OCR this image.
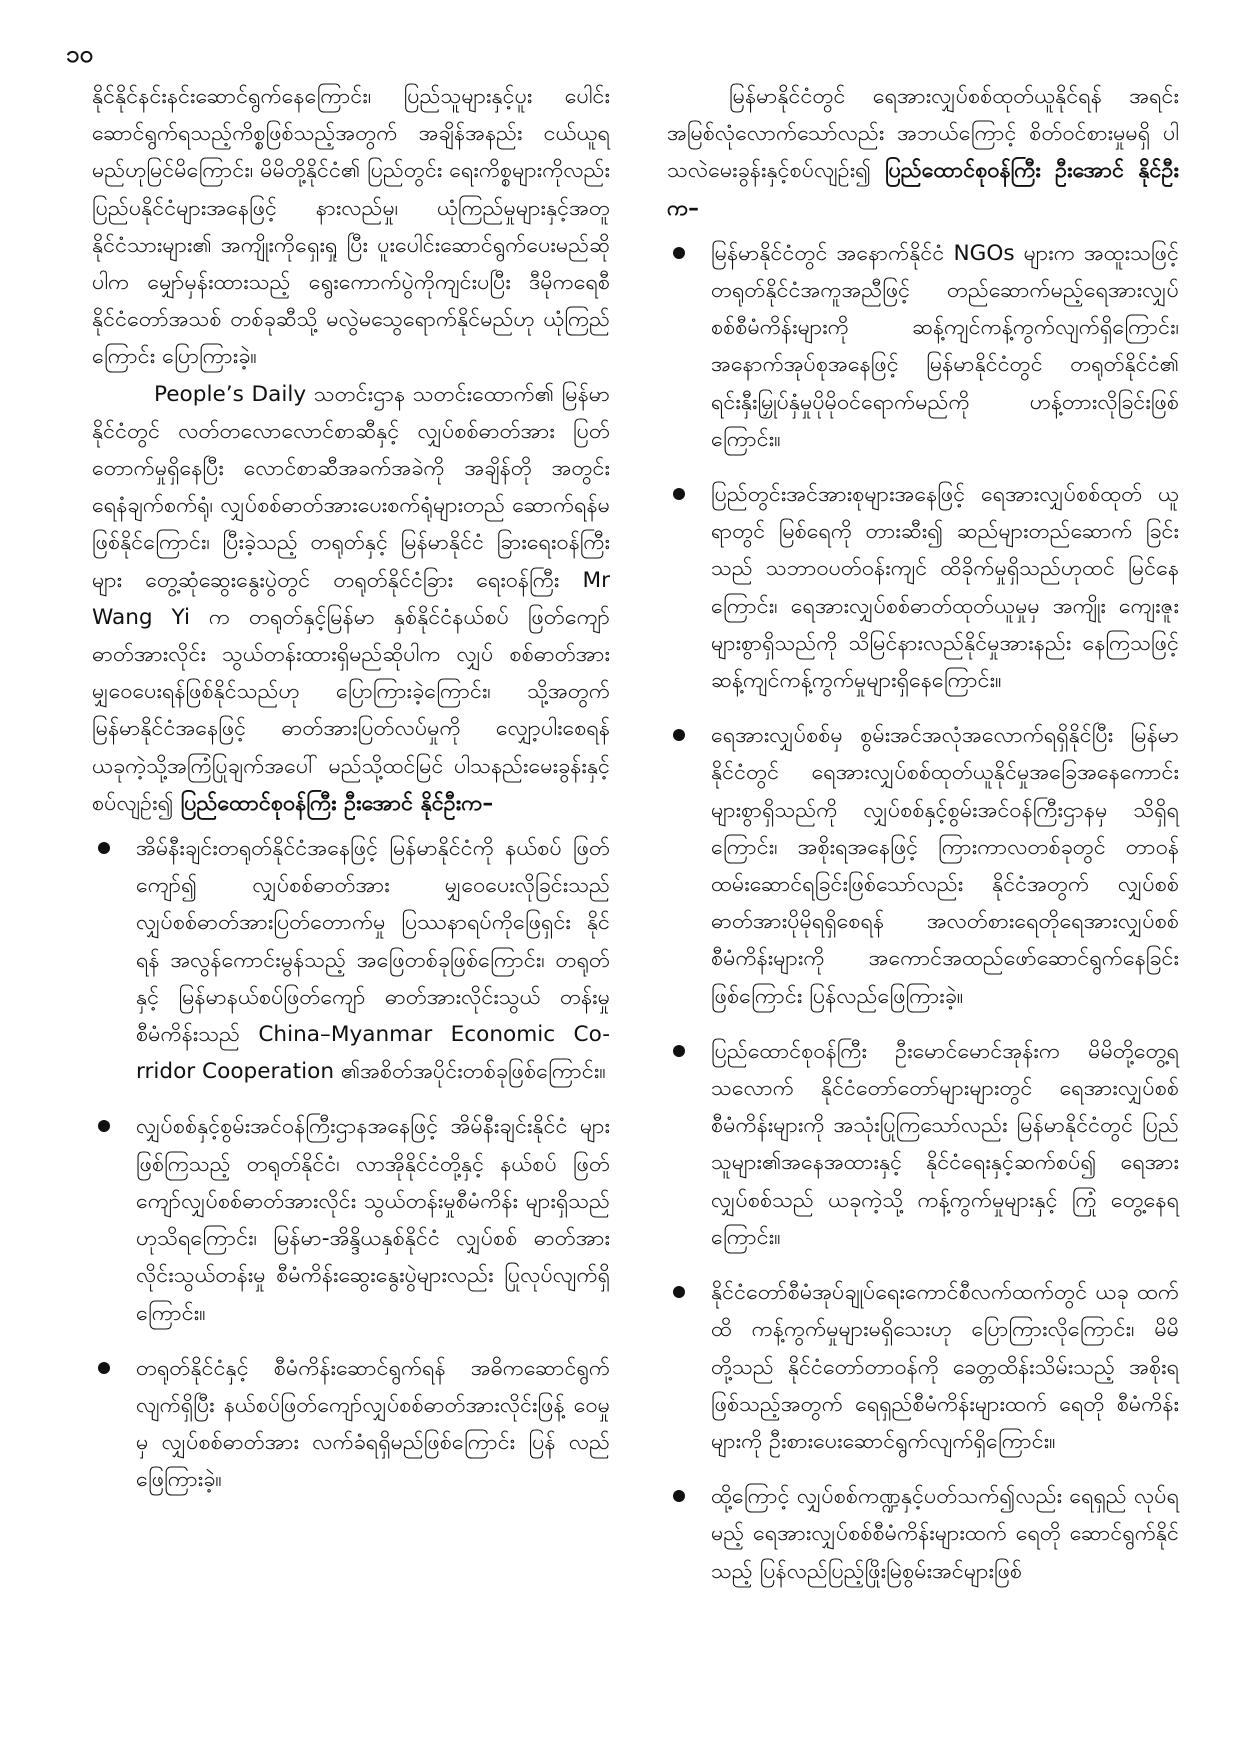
၁၀

နိုင်နိုင်နင်းနင်းဆောင်ရွက်နေကြောင်း၊ ပြည်သူများနှင့်ပူး ပေါင်းဆောင်ရွက်ရသည့်ကိစ္စဖြစ်သည့်အတွက် အချိန်အနည်း ငယ်ယူရမည်ဟုမြင်မိကြောင်း၊ မိမိတို့နိုင်ငံ၏ ပြည်တွင်း ရေးကိစ္စများကိုလည်း ပြည်ပနိုင်ငံများအနေဖြင့် နားလည်မှု၊ ယုံကြည်မှုများနှင့်အတူ နိုင်ငံသားများ၏ အကျိုးကိုရှေးရှု ပြီး ပူးပေါင်းဆောင်ရွက်ပေးမည်ဆိုပါက မျှော်မှန်းထားသည့် ရွေးကောက်ပွဲကိုကျင်းပပြီး ဒီမိုကရေစီနိုင်ငံတော်အသစ် တစ်ခုဆီသို့ မလွဲမသွေရောက်နိုင်မည်ဟု ယုံကြည်ကြောင်း ပြောကြားခဲ့။

People’s Daily သတင်းဌာန သတင်းထောက်၏ မြန်မာ နိုင်ငံတွင် လတ်တလောလောင်စာဆီနှင့် လျှပ်စစ်ဓာတ်အား ပြတ်တောက်မှုရှိနေပြီး လောင်စာဆီအခက်အခဲကို အချိန်တို အတွင်း ရေနံချက်စက်ရုံ၊ လျှပ်စစ်ဓာတ်အားပေးစက်ရုံများတည် ဆောက်ရန်မဖြစ်နိုင်ကြောင်း၊ ပြီးခဲ့သည့် တရုတ်နှင့် မြန်မာနိုင်ငံ ခြားရေးဝန်ကြီးများ တွေ့ဆုံဆွေးနွေးပွဲတွင် တရုတ်နိုင်ငံခြား ရေးဝန်ကြီး Mr Wang Yi က တရုတ်နှင့်မြန်မာ နှစ်နိုင်ငံနယ်စပ် ဖြတ်ကျော်ဓာတ်အားလိုင်း သွယ်တန်းထားရှိမည်ဆိုပါက လျှပ် စစ်ဓာတ်အားမျှဝေပေးရန်ဖြစ်နိုင်သည်ဟု ပြောကြားခဲ့ကြောင်း၊ သို့အတွက် မြန်မာနိုင်ငံအနေဖြင့် ဓာတ်အားပြတ်လပ်မှုကို လျှော့ပါးစေရန် ယခုကဲ့သို့အကြံပြုချက်အပေါ် မည်သို့ထင်မြင် ပါသနည်းမေးခွန်းနှင့်စပ်လျဉ်း၍ ပြည်ထောင်စုဝန်ကြီး ဦးအောင် နိုင်ဦးက–

အိမ်နီးချင်းတရုတ်နိုင်ငံအနေဖြင့် မြန်မာနိုင်ငံကို နယ်စပ် ဖြတ်ကျော်၍ လျှပ်စစ်ဓာတ်အား မျှဝေပေးလိုခြင်းသည် လျှပ်စစ်ဓာတ်အားပြတ်တောက်မှု ပြဿနာရပ်ကိုဖြေရှင်း နိုင်ရန် အလွန်ကောင်းမွန်သည့် အဖြေတစ်ခုဖြစ်ကြောင်း၊ တရုတ်နှင့် မြန်မာနယ်စပ်ဖြတ်ကျော် ဓာတ်အားလိုင်းသွယ် တန်းမှု စီမံကိန်းသည် China–Myanmar Economic Co- rridor Cooperation ၏အစိတ်အပိုင်းတစ်ခုဖြစ်ကြောင်း။
လျှပ်စစ်နှင့်စွမ်းအင်ဝန်ကြီးဌာနအနေဖြင့် အိမ်နီးချင်းနိုင်ငံ များဖြစ်ကြသည့် တရုတ်နိုင်ငံ၊ လာအိုနိုင်ငံတို့နှင့် နယ်စပ် ဖြတ်ကျော်လျှပ်စစ်ဓာတ်အားလိုင်း သွယ်တန်းမှုစီမံကိန်း များရှိသည်ဟုသိရကြောင်း၊ မြန်မာ-အိန္ဒိယနှစ်နိုင်ငံ လျှပ်စစ် ဓာတ်အားလိုင်းသွယ်တန်းမှု စီမံကိန်းဆွေးနွေးပွဲများလည်း ပြုလုပ်လျက်ရှိကြောင်း။
တရုတ်နိုင်ငံနှင့် စီမံကိန်းဆောင်ရွက်ရန် အဓိကဆောင်ရွက် လျက်ရှိပြီး နယ်စပ်ဖြတ်ကျော်လျှပ်စစ်ဓာတ်အားလိုင်းဖြန့် ဝေမှုမှ လျှပ်စစ်ဓာတ်အား လက်ခံရရှိမည်ဖြစ်ကြောင်း ပြန် လည်ဖြေကြားခဲ့။

မြန်မာနိုင်ငံတွင် ရေအားလျှပ်စစ်ထုတ်ယူနိုင်ရန် အရင်း အမြစ်လုံလောက်သော်လည်း အဘယ်ကြောင့် စိတ်ဝင်စားမှုမရှိ ပါသလဲမေးခွန်းနှင့်စပ်လျဉ်း၍ ပြည်ထောင်စုဝန်ကြီး ဦးအောင် နိုင်ဦးက–

မြန်မာနိုင်ငံတွင် အနောက်နိုင်ငံ NGOs များက အထူးသဖြင့် တရုတ်နိုင်ငံအကူအညီဖြင့် တည်ဆောက်မည့်ရေအားလျှပ် စစ်စီမံကိန်းများကို ဆန့်ကျင်ကန့်ကွက်လျက်ရှိကြောင်း၊ အနောက်အုပ်စုအနေဖြင့် မြန်မာနိုင်ငံတွင် တရုတ်နိုင်ငံ၏ ရင်းနှီးမြှုပ်နှံမှုပိုမိုဝင်ရောက်မည်ကို ဟန့်တားလိုခြင်းဖြစ် ကြောင်း။
ပြည်တွင်းအင်အားစုများအနေဖြင့် ရေအားလျှပ်စစ်ထုတ် ယူရာတွင် မြစ်ရေကို တားဆီး၍ ဆည်များတည်ဆောက် ခြင်းသည် သဘာဝပတ်ဝန်းကျင် ထိခိုက်မှုရှိသည်ဟုထင် မြင်နေကြောင်း၊ ရေအားလျှပ်စစ်ဓာတ်ထုတ်ယူမှုမှ အကျိုး ကျေးဇူးများစွာရှိသည်ကို သိမြင်နားလည်နိုင်မှုအားနည်း နေကြသဖြင့် ဆန့်ကျင်ကန့်ကွက်မှုများရှိနေကြောင်း။
ရေအားလျှပ်စစ်မှ စွမ်းအင်အလုံအလောက်ရရှိနိုင်ပြီး မြန်မာ နိုင်ငံတွင် ရေအားလျှပ်စစ်ထုတ်ယူနိုင်မှုအခြေအနေကောင်း များစွာရှိသည်ကို လျှပ်စစ်နှင့်စွမ်းအင်ဝန်ကြီးဌာနမှ သိရှိရ ကြောင်း၊ အစိုးရအနေဖြင့် ကြားကာလတစ်ခုတွင် တာဝန် ထမ်းဆောင်ရခြင်းဖြစ်သော်လည်း နိုင်ငံအတွက် လျှပ်စစ် ဓာတ်အားပိုမိုရရှိစေရန် အလတ်စားရေတိုရေအားလျှပ်စစ် စီမံကိန်းများကို အကောင်အထည်ဖော်ဆောင်ရွက်နေခြင်း ဖြစ်ကြောင်း ပြန်လည်ဖြေကြားခဲ့။
ပြည်ထောင်စုဝန်ကြီး ဦးမောင်မောင်အုန်းက မိမိတို့တွေ့ရ သလောက် နိုင်ငံတော်တော်များများတွင် ရေအားလျှပ်စစ် စီမံကိန်းများကို အသုံးပြုကြသော်လည်း မြန်မာနိုင်ငံတွင် ပြည်သူများ၏အနေအထားနှင့် နိုင်ငံရေးနှင့်ဆက်စပ်၍ ရေအားလျှပ်စစ်သည် ယခုကဲ့သို့ ကန့်ကွက်မှုများနှင့် ကြုံ တွေ့နေရကြောင်း။
နိုင်ငံတော်စီမံအုပ်ချုပ်ရေးကောင်စီလက်ထက်တွင် ယခု ထက်ထိ ကန့်ကွက်မှုများမရှိသေးဟု ပြောကြားလိုကြောင်း၊ မိမိတို့သည် နိုင်ငံတော်တာဝန်ကို ခေတ္တထိန်းသိမ်းသည့် အစိုးရဖြစ်သည့်အတွက် ရေရှည်စီမံကိန်းများထက် ရေတို စီမံကိန်းများကို ဦးစားပေးဆောင်ရွက်လျက်ရှိကြောင်း။
ထို့ကြောင့် လျှပ်စစ်ကဏ္ဍနှင့်ပတ်သက်၍လည်း ရေရှည် လုပ်ရမည့် ရေအားလျှပ်စစ်စီမံကိန်းများထက် ရေတို ဆောင်ရွက်နိုင်သည့် ပြန်လည်ပြည့်ဖြိုးမြဲစွမ်းအင်များဖြစ်
